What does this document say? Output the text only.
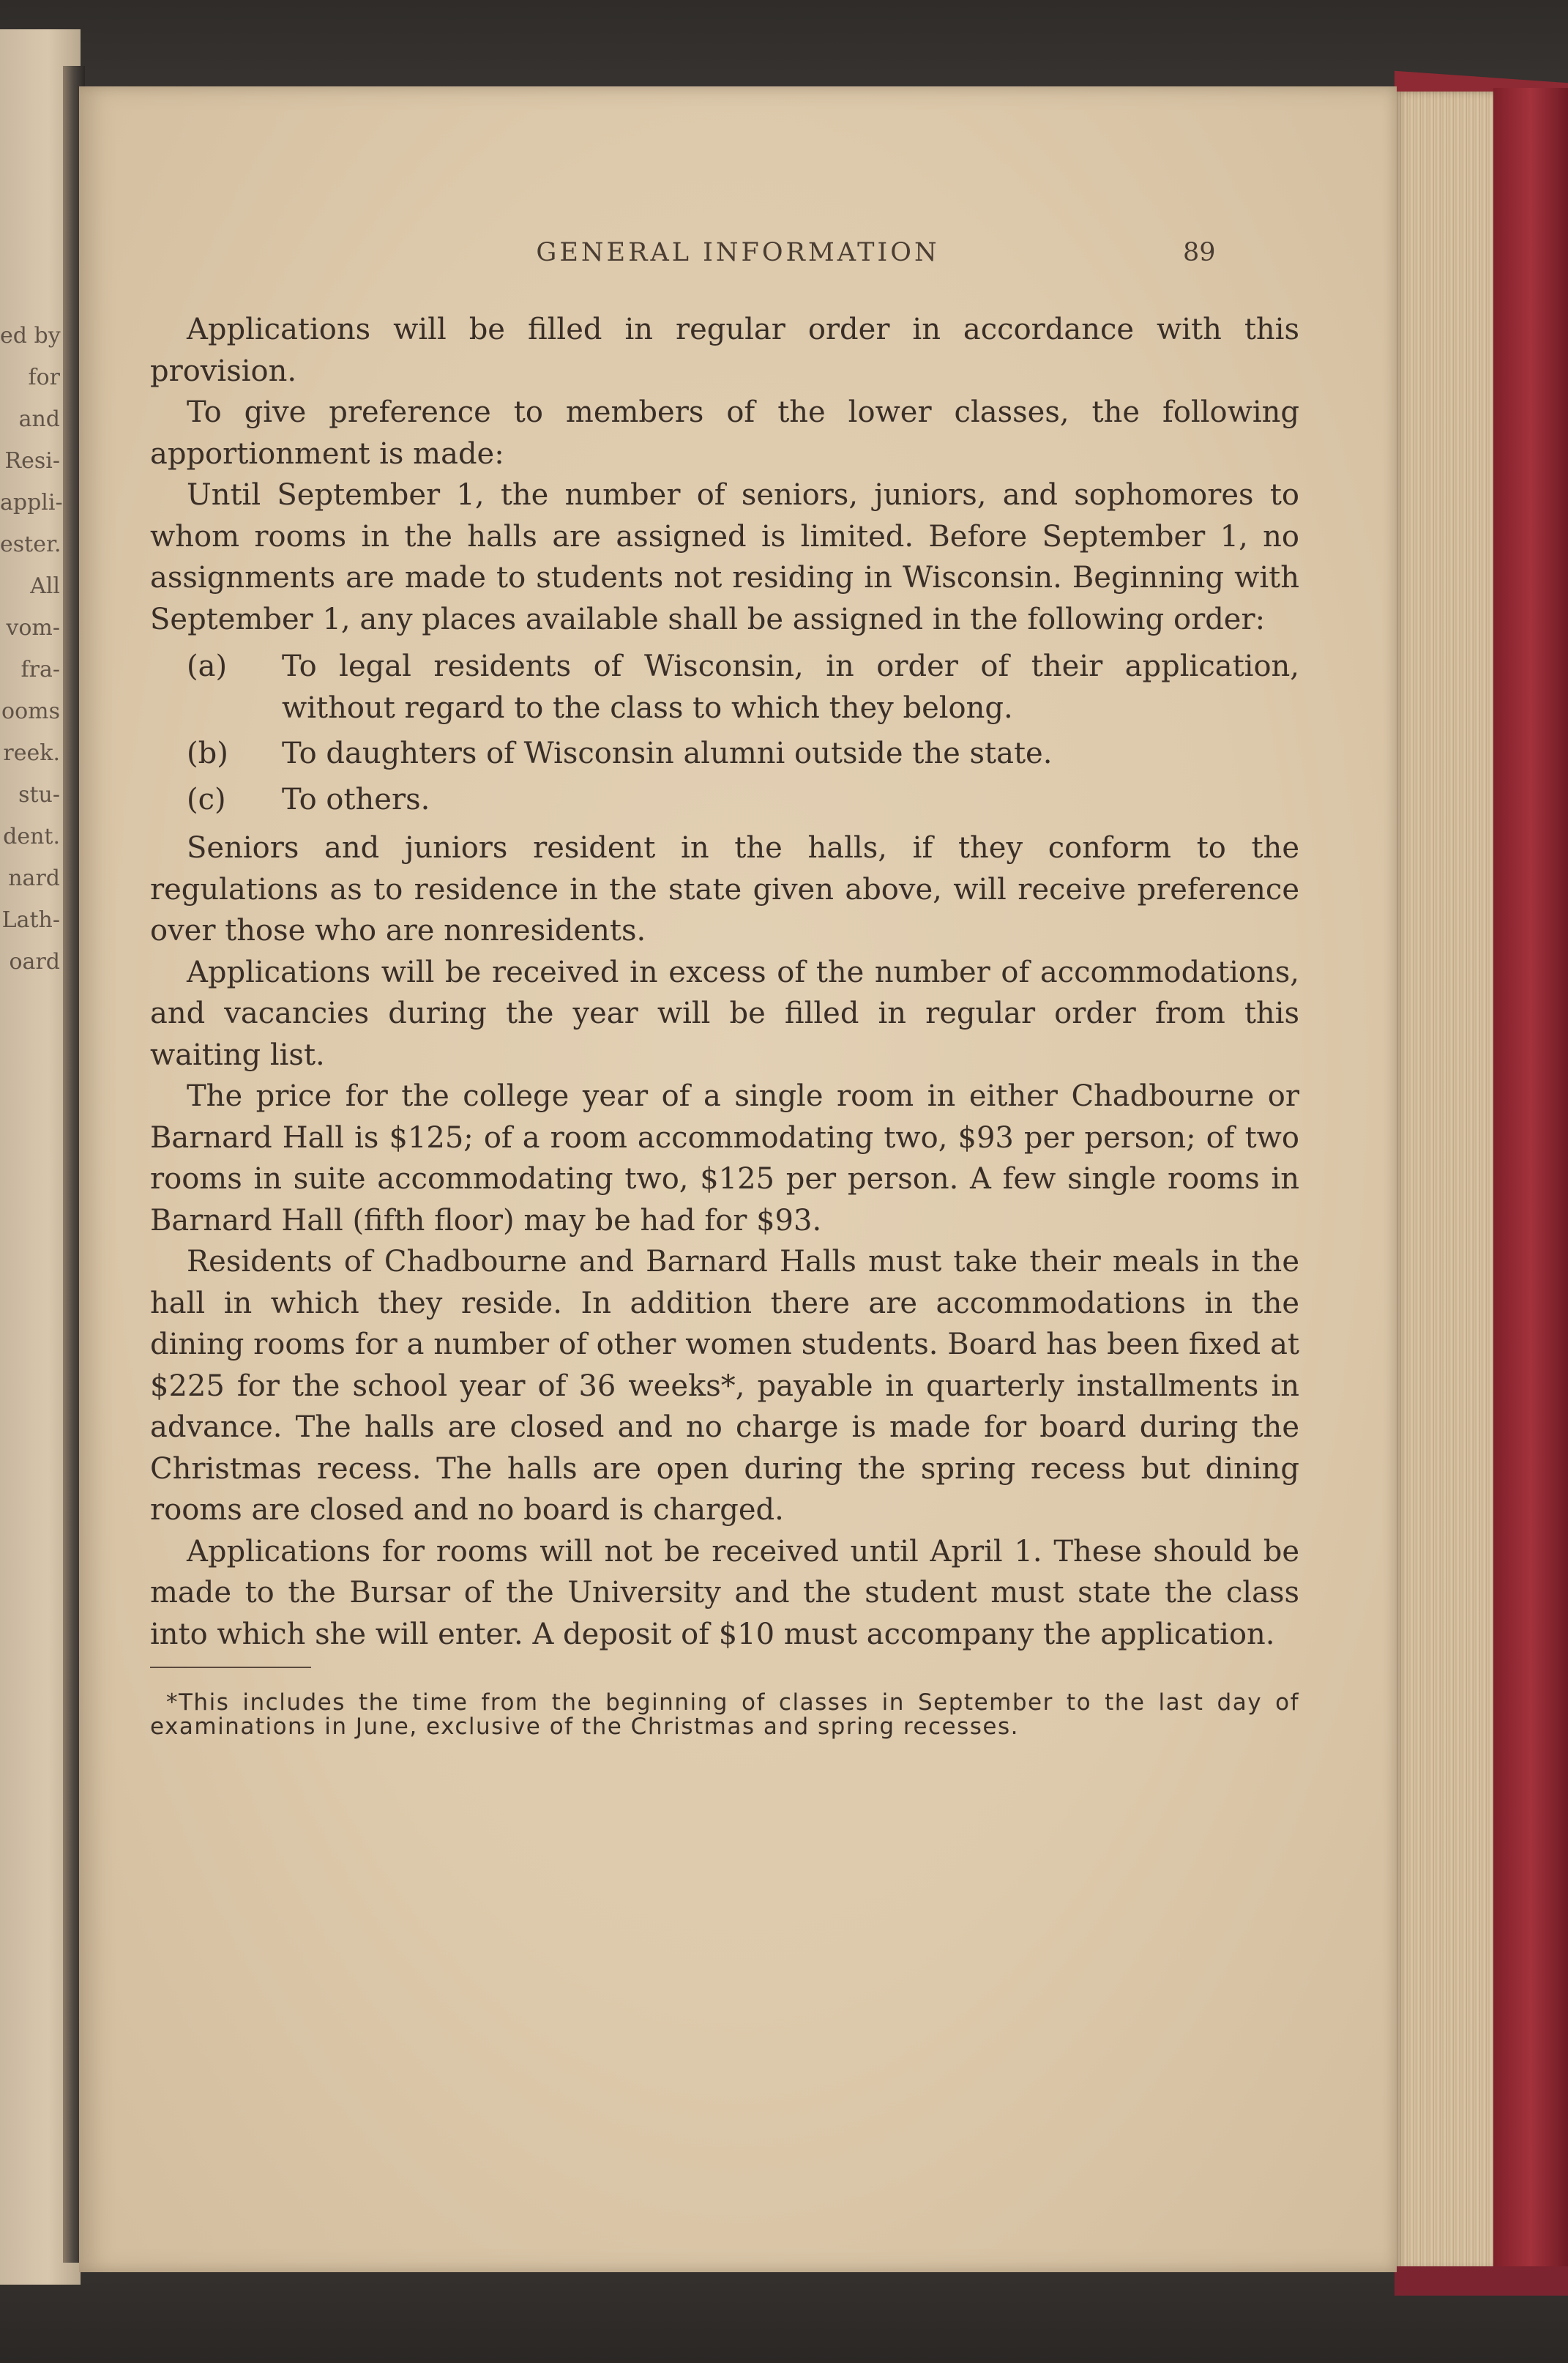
ed by
for
and
Resi-
appli-
ester.
All
vom-
fra-
ooms
reek.
stu-
dent.
nard
Lath-
oard
GENERAL INFORMATION	89

Applications will be filled in regular order in accordance with this provision.

To give preference to members of the lower classes, the following apportionment is made:

Until September 1, the number of seniors, juniors, and sophomores to whom rooms in the halls are assigned is limited. Before September 1, no assignments are made to students not residing in Wisconsin. Beginning with September 1, any places available shall be assigned in the following order:

(a)	To legal residents of Wisconsin, in order of their application, without regard to the class to which they belong.
(b)	To daughters of Wisconsin alumni outside the state.
(c)	To others.

Seniors and juniors resident in the halls, if they conform to the regulations as to residence in the state given above, will receive preference over those who are nonresidents.

Applications will be received in excess of the number of accommodations, and vacancies during the year will be filled in regular order from this waiting list.

The price for the college year of a single room in either Chadbourne or Barnard Hall is $125; of a room accommodating two, $93 per person; of two rooms in suite accommodating two, $125 per person. A few single rooms in Barnard Hall (fifth floor) may be had for $93.

Residents of Chadbourne and Barnard Halls must take their meals in the hall in which they reside. In addition there are accommodations in the dining rooms for a number of other women students. Board has been fixed at $225 for the school year of 36 weeks*, payable in quarterly installments in advance. The halls are closed and no charge is made for board during the Christmas recess. The halls are open during the spring recess but dining rooms are closed and no board is charged.

Applications for rooms will not be received until April 1. These should be made to the Bursar of the University and the student must state the class into which she will enter. A deposit of $10 must accompany the application.

*This includes the time from the beginning of classes in September to the last day of examinations in June, exclusive of the Christmas and spring recesses.
